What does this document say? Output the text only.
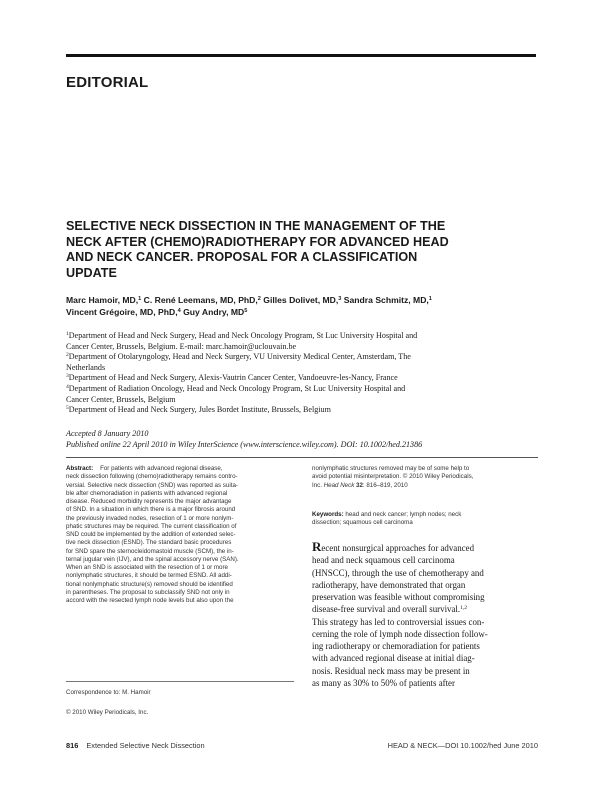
EDITORIAL
SELECTIVE NECK DISSECTION IN THE MANAGEMENT OF THE
NECK AFTER (CHEMO)RADIOTHERAPY FOR ADVANCED HEAD
AND NECK CANCER. PROPOSAL FOR A CLASSIFICATION
UPDATE
Marc Hamoir, MD,$^1$ C. René Leemans, MD, PhD,$^2$ Gilles Dolivet, MD,$^3$ Sandra Schmitz, MD,$^1$
Vincent Grégoire, MD, PhD,$^4$ Guy Andry, $MD^5$
$^1$Department of Head and Neck Surgery, Head and Neck Oncology Program, St Luc University Hospital and
Cancer Center, Brussels, Belgium. E-mail: marc.hamoir@uclouvain.be
$^2$Department of Otolaryngology, Head and Neck Surgery, VU University Medical Center, Amsterdam, The
Netherlands
$^3$Department of Head and Neck Surgery, Alexis-Vautrin Cancer Center, Vandoeuvre-les-Nancy, France
$^4$Department of Radiation Oncology, Head and Neck Oncology Program, St Luc University Hospital and
Cancer Center, Brussels, Belgium
$^5$Department of Head and Neck Surgery, Jules Bordet Institute, Brussels, Belgium
Accepted 8 January 2010
Published online 22 April 2010 in Wiley InterScience (www.interscience.wiley.com). DOI: 10.1002/hed.21386
Abstract: For patients with advanced regional disease,
neck dissection following (chemo)radiotherapy remains contro-
versial. Selective neck dissection (SND) was reported as suita-
ble after chemoradiation in patients with advanced regional
disease. Reduced morbidity represents the major advantage
of SND. In a situation in which there is a major fibrosis around
the previously invaded nodes, resection of 1 or more nonlym-
phatic structures may be required. The current classification of
SND could be implemented by the addition of extended selec-
tive neck dissection (ESND). The standard basic procedures
for SND spare the sternocleidomastoid muscle (SCM), the in-
ternal jugular vein (IJV), and the spinal accessory nerve (SAN).
When an SND is associated with the resection of 1 or more
nonlymphatic structures, it should be termed ESND. All addi-
tional nonlymphatic structure(s) removed should be identified
in parentheses. The proposal to subclassify SND not only in
accord with the resected lymph node levels but also upon the
Correspondence to: M. Hamoir
© 2010 Wiley Periodicals, Inc.
nonlymphatic structures removed may be of some help to
avoid potential misinterpretation. © 2010 Wiley Periodicals,
Inc. Head Neck 32: 816–819, 2010
Keywords: head and neck cancer; lymph nodes; neck
dissection; squamous cell carcinoma
Recent nonsurgical approaches for advanced
head and neck squamous cell carcinoma
(HNSCC), through the use of chemotherapy and
radiotherapy, have demonstrated that organ
preservation was feasible without compromising
disease-free survival and overall survival.$^{1,2}$
This strategy has led to controversial issues con-
cerning the role of lymph node dissection follow-
ing radiotherapy or chemoradiation for patients
with advanced regional disease at initial diag-
nosis. Residual neck mass may be present in
as many as 30% to 50% of patients after
816 Extended Selective Neck Dissection	HEAD & NECK—DOI 10.1002/hed June 2010
